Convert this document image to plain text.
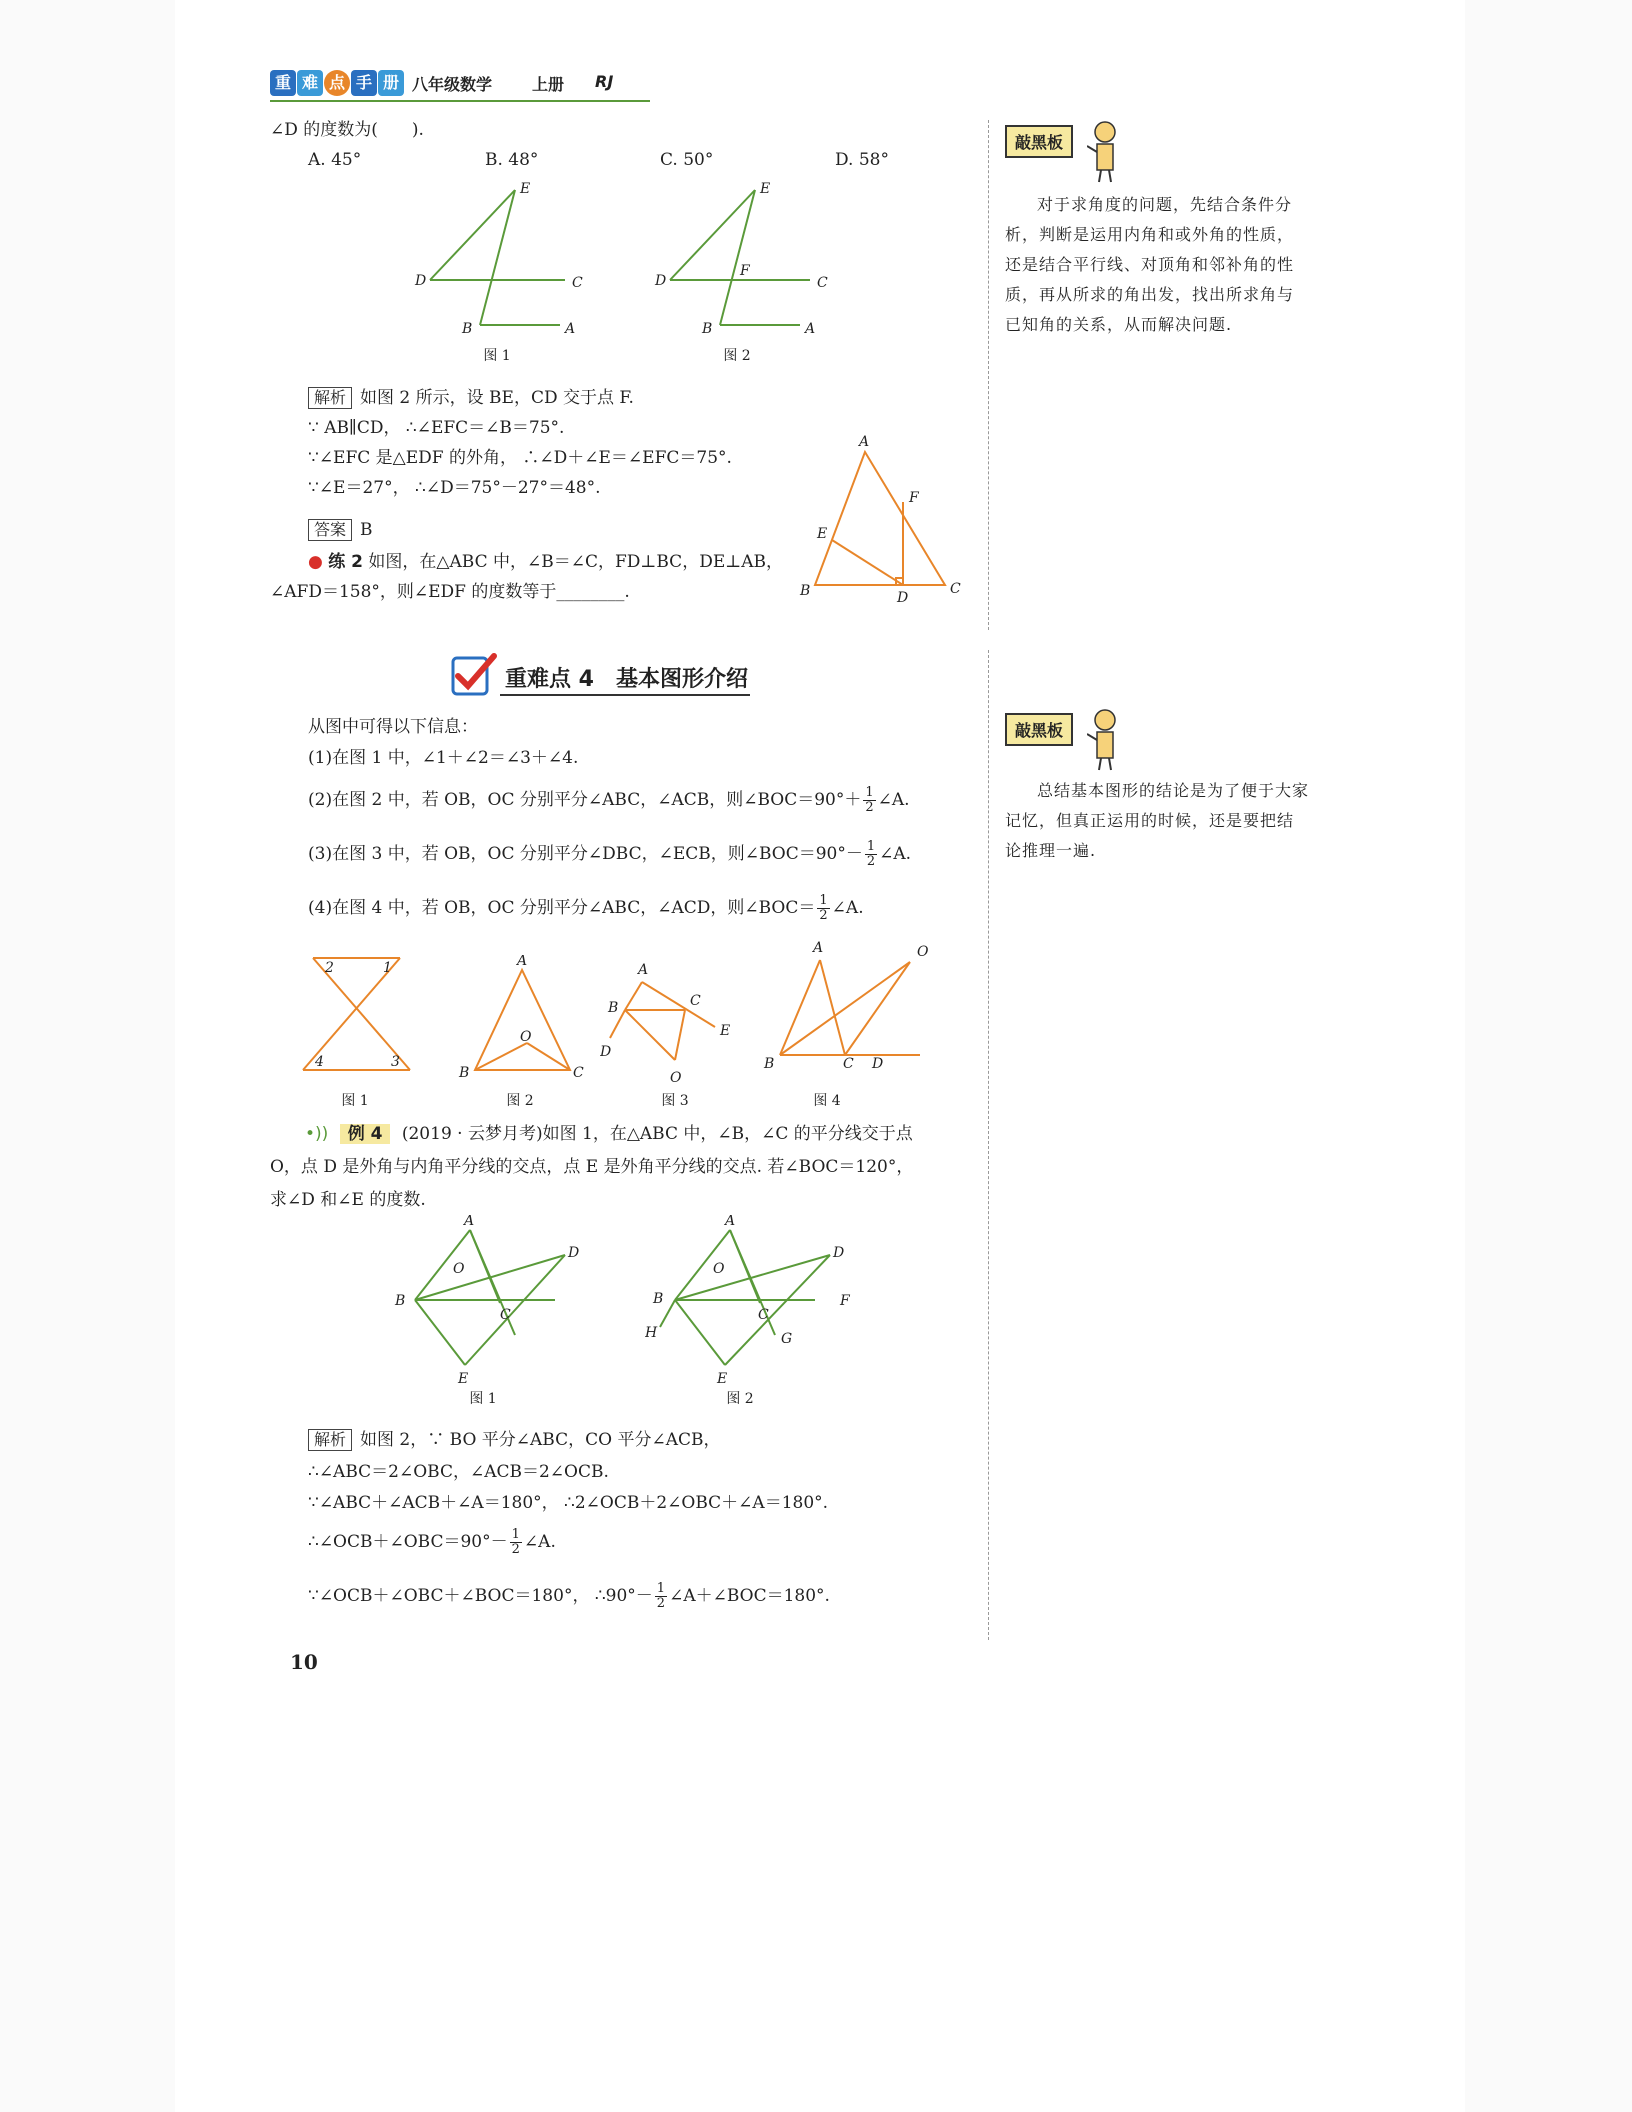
重 难 点 手 册 八年级数学 上册 RJ
∠D 的度数为(　　).
A. 45°	B. 48°	C. 50°	D. 58°
E
D	C
B	A
图 1
E
D
F
C
B	A
图 2
解析 如图 2 所示，设 BE，CD 交于点 F.
∵ AB∥CD， ∴∠EFC＝∠B＝75°.
∵∠EFC 是△EDF 的外角， ∴∠D＋∠E＝∠EFC＝75°.
∵∠E＝27°， ∴∠D＝75°－27°＝48°.
答案 B
● 练 2 如图，在△ABC 中，∠B＝∠C，FD⊥BC，DE⊥AB，
∠AFD＝158°，则∠EDF 的度数等于________.
A
F
E
B	D
C
重难点 4　基本图形介绍
从图中可得以下信息：
(1)在图 1 中，∠1＋∠2＝∠3＋∠4.
(2)在图 2 中，若 OB，OC 分别平分∠ABC，∠ACB，则∠BOC＝90°＋ $\frac{1}{2}$ ∠A.
(3)在图 3 中，若 OB，OC 分别平分∠DBC，∠ECB，则∠BOC＝90°－ $\frac{1}{2}$ ∠A.
(4)在图 4 中，若 OB，OC 分别平分∠ABC，∠ACD，则∠BOC＝ $\frac{1}{2}$ ∠A.
2	1
4	3
图 1
A
O
B	C
图 2
A
B	C
E
D
O
图 3
A	O
B	C D
图 4
•)) 例 4 (2019 · 云梦月考)如图 1，在△ABC 中，∠B，∠C 的平分线交于点
O，点 D 是外角与内角平分线的交点，点 E 是外角平分线的交点. 若∠BOC＝120°，
求∠D 和∠E 的度数.
A
O
D
B
C
E
图 1
A
O
D
B	F
C
G
H
E
图 2
解析 如图 2，∵ BO 平分∠ABC，CO 平分∠ACB，
∴∠ABC＝2∠OBC，∠ACB＝2∠OCB.
∵∠ABC＋∠ACB＋∠A＝180°， ∴2∠OCB＋2∠OBC＋∠A＝180°.
∴∠OCB＋∠OBC＝90°－ $\frac{1}{2}$ ∠A.
∵∠OCB＋∠OBC＋∠BOC＝180°， ∴90°－ $\frac{1}{2}$ ∠A＋∠BOC＝180°.
10
敲黑板
对于求角度的问题，先结合条件分析，判断是运用内角和或外角的性质，还是结合平行线、对顶角和邻补角的性质，再从所求的角出发，找出所求角与已知角的关系，从而解决问题.
敲黑板
总结基本图形的结论是为了便于大家记忆，但真正运用的时候，还是要把结论推理一遍.
